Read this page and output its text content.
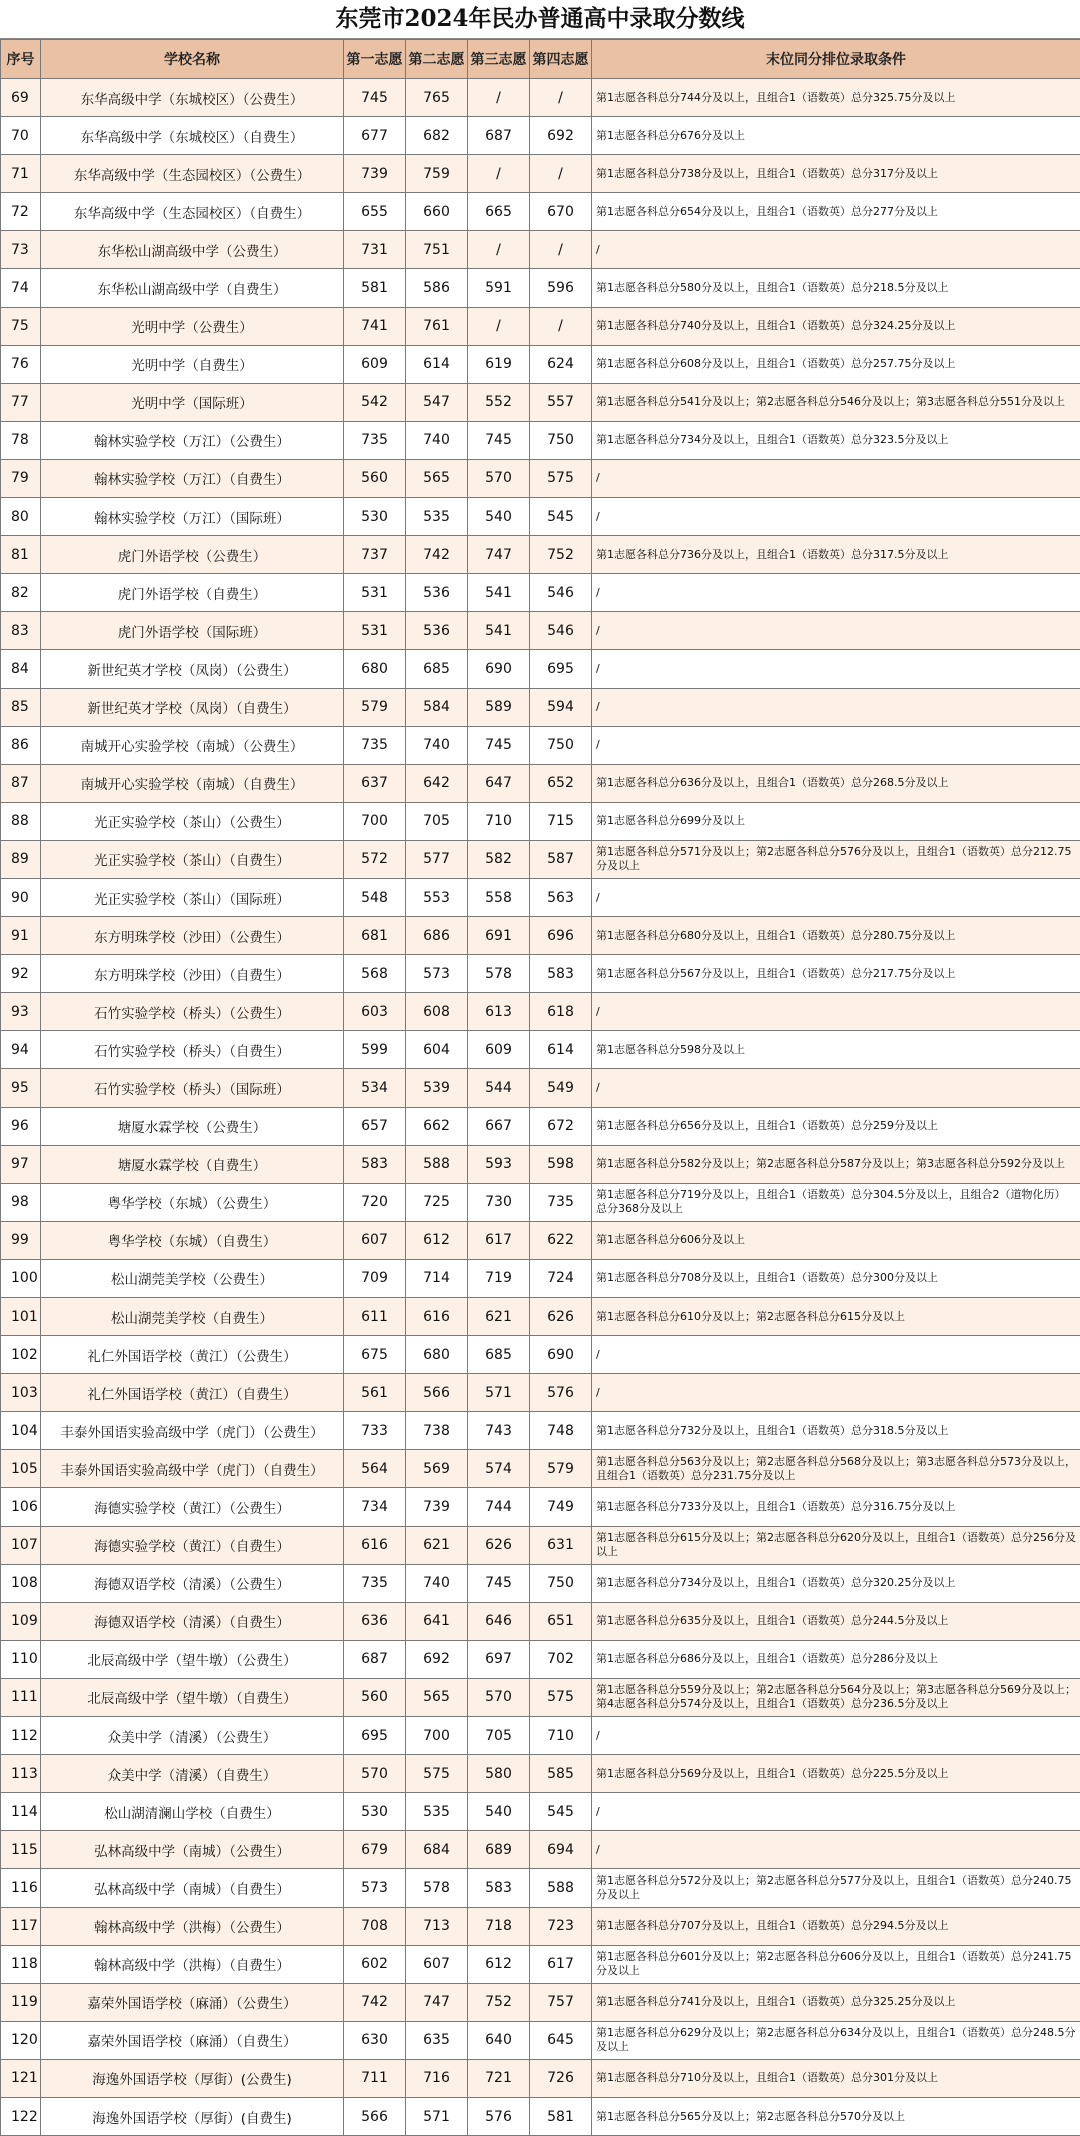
东莞市2024年民办普通高中录取分数线
序号	学校名称	第一志愿	第二志愿	第三志愿	第四志愿	末位同分排位录取条件
69	东华高级中学（东城校区）（公费生）	745	765	/	/	第1志愿各科总分744分及以上，且组合1（语数英）总分325.75分及以上
70	东华高级中学（东城校区）（自费生）	677	682	687	692	第1志愿各科总分676分及以上
71	东华高级中学（生态园校区）（公费生）	739	759	/	/	第1志愿各科总分738分及以上，且组合1（语数英）总分317分及以上
72	东华高级中学（生态园校区）（自费生）	655	660	665	670	第1志愿各科总分654分及以上，且组合1（语数英）总分277分及以上
73	东华松山湖高级中学（公费生）	731	751	/	/	/
74	东华松山湖高级中学（自费生）	581	586	591	596	第1志愿各科总分580分及以上，且组合1（语数英）总分218.5分及以上
75	光明中学（公费生）	741	761	/	/	第1志愿各科总分740分及以上，且组合1（语数英）总分324.25分及以上
76	光明中学（自费生）	609	614	619	624	第1志愿各科总分608分及以上，且组合1（语数英）总分257.75分及以上
77	光明中学（国际班）	542	547	552	557	第1志愿各科总分541分及以上；第2志愿各科总分546分及以上；第3志愿各科总分551分及以上
78	翰林实验学校（万江）（公费生）	735	740	745	750	第1志愿各科总分734分及以上，且组合1（语数英）总分323.5分及以上
79	翰林实验学校（万江）（自费生）	560	565	570	575	/
80	翰林实验学校（万江）（国际班）	530	535	540	545	/
81	虎门外语学校（公费生）	737	742	747	752	第1志愿各科总分736分及以上，且组合1（语数英）总分317.5分及以上
82	虎门外语学校（自费生）	531	536	541	546	/
83	虎门外语学校（国际班）	531	536	541	546	/
84	新世纪英才学校（凤岗）（公费生）	680	685	690	695	/
85	新世纪英才学校（凤岗）（自费生）	579	584	589	594	/
86	南城开心实验学校（南城）（公费生）	735	740	745	750	/
87	南城开心实验学校（南城）（自费生）	637	642	647	652	第1志愿各科总分636分及以上，且组合1（语数英）总分268.5分及以上
88	光正实验学校（茶山）（公费生）	700	705	710	715	第1志愿各科总分699分及以上
89	光正实验学校（茶山）（自费生）	572	577	582	587	第1志愿各科总分571分及以上；第2志愿各科总分576分及以上，且组合1（语数英）总分212.75分及以上
90	光正实验学校（茶山）（国际班）	548	553	558	563	/
91	东方明珠学校（沙田）（公费生）	681	686	691	696	第1志愿各科总分680分及以上，且组合1（语数英）总分280.75分及以上
92	东方明珠学校（沙田）（自费生）	568	573	578	583	第1志愿各科总分567分及以上，且组合1（语数英）总分217.75分及以上
93	石竹实验学校（桥头）（公费生）	603	608	613	618	/
94	石竹实验学校（桥头）（自费生）	599	604	609	614	第1志愿各科总分598分及以上
95	石竹实验学校（桥头）（国际班）	534	539	544	549	/
96	塘厦水霖学校（公费生）	657	662	667	672	第1志愿各科总分656分及以上，且组合1（语数英）总分259分及以上
97	塘厦水霖学校（自费生）	583	588	593	598	第1志愿各科总分582分及以上；第2志愿各科总分587分及以上；第3志愿各科总分592分及以上
98	粤华学校（东城）（公费生）	720	725	730	735	第1志愿各科总分719分及以上，且组合1（语数英）总分304.5分及以上，且组合2（道物化历）总分368分及以上
99	粤华学校（东城）（自费生）	607	612	617	622	第1志愿各科总分606分及以上
100	松山湖莞美学校（公费生）	709	714	719	724	第1志愿各科总分708分及以上，且组合1（语数英）总分300分及以上
101	松山湖莞美学校（自费生）	611	616	621	626	第1志愿各科总分610分及以上；第2志愿各科总分615分及以上
102	礼仁外国语学校（黄江）（公费生）	675	680	685	690	/
103	礼仁外国语学校（黄江）（自费生）	561	566	571	576	/
104	丰泰外国语实验高级中学（虎门）（公费生）	733	738	743	748	第1志愿各科总分732分及以上，且组合1（语数英）总分318.5分及以上
105	丰泰外国语实验高级中学（虎门）（自费生）	564	569	574	579	第1志愿各科总分563分及以上；第2志愿各科总分568分及以上；第3志愿各科总分573分及以上，且组合1（语数英）总分231.75分及以上
106	海德实验学校（黄江）（公费生）	734	739	744	749	第1志愿各科总分733分及以上，且组合1（语数英）总分316.75分及以上
107	海德实验学校（黄江）（自费生）	616	621	626	631	第1志愿各科总分615分及以上；第2志愿各科总分620分及以上，且组合1（语数英）总分256分及以上
108	海德双语学校（清溪）（公费生）	735	740	745	750	第1志愿各科总分734分及以上，且组合1（语数英）总分320.25分及以上
109	海德双语学校（清溪）（自费生）	636	641	646	651	第1志愿各科总分635分及以上，且组合1（语数英）总分244.5分及以上
110	北辰高级中学（望牛墩）（公费生）	687	692	697	702	第1志愿各科总分686分及以上，且组合1（语数英）总分286分及以上
111	北辰高级中学（望牛墩）（自费生）	560	565	570	575	第1志愿各科总分559分及以上；第2志愿各科总分564分及以上；第3志愿各科总分569分及以上；第4志愿各科总分574分及以上，且组合1（语数英）总分236.5分及以上
112	众美中学（清溪）（公费生）	695	700	705	710	/
113	众美中学（清溪）（自费生）	570	575	580	585	第1志愿各科总分569分及以上，且组合1（语数英）总分225.5分及以上
114	松山湖清澜山学校（自费生）	530	535	540	545	/
115	弘林高级中学（南城）（公费生）	679	684	689	694	/
116	弘林高级中学（南城）（自费生）	573	578	583	588	第1志愿各科总分572分及以上；第2志愿各科总分577分及以上，且组合1（语数英）总分240.75分及以上
117	翰林高级中学（洪梅）（公费生）	708	713	718	723	第1志愿各科总分707分及以上，且组合1（语数英）总分294.5分及以上
118	翰林高级中学（洪梅）（自费生）	602	607	612	617	第1志愿各科总分601分及以上；第2志愿各科总分606分及以上，且组合1（语数英）总分241.75分及以上
119	嘉荣外国语学校（麻涌）（公费生）	742	747	752	757	第1志愿各科总分741分及以上，且组合1（语数英）总分325.25分及以上
120	嘉荣外国语学校（麻涌）（自费生）	630	635	640	645	第1志愿各科总分629分及以上；第2志愿各科总分634分及以上，且组合1（语数英）总分248.5分及以上
121	海逸外国语学校（厚街）(公费生)	711	716	721	726	第1志愿各科总分710分及以上，且组合1（语数英）总分301分及以上
122	海逸外国语学校（厚街）(自费生)	566	571	576	581	第1志愿各科总分565分及以上；第2志愿各科总分570分及以上
